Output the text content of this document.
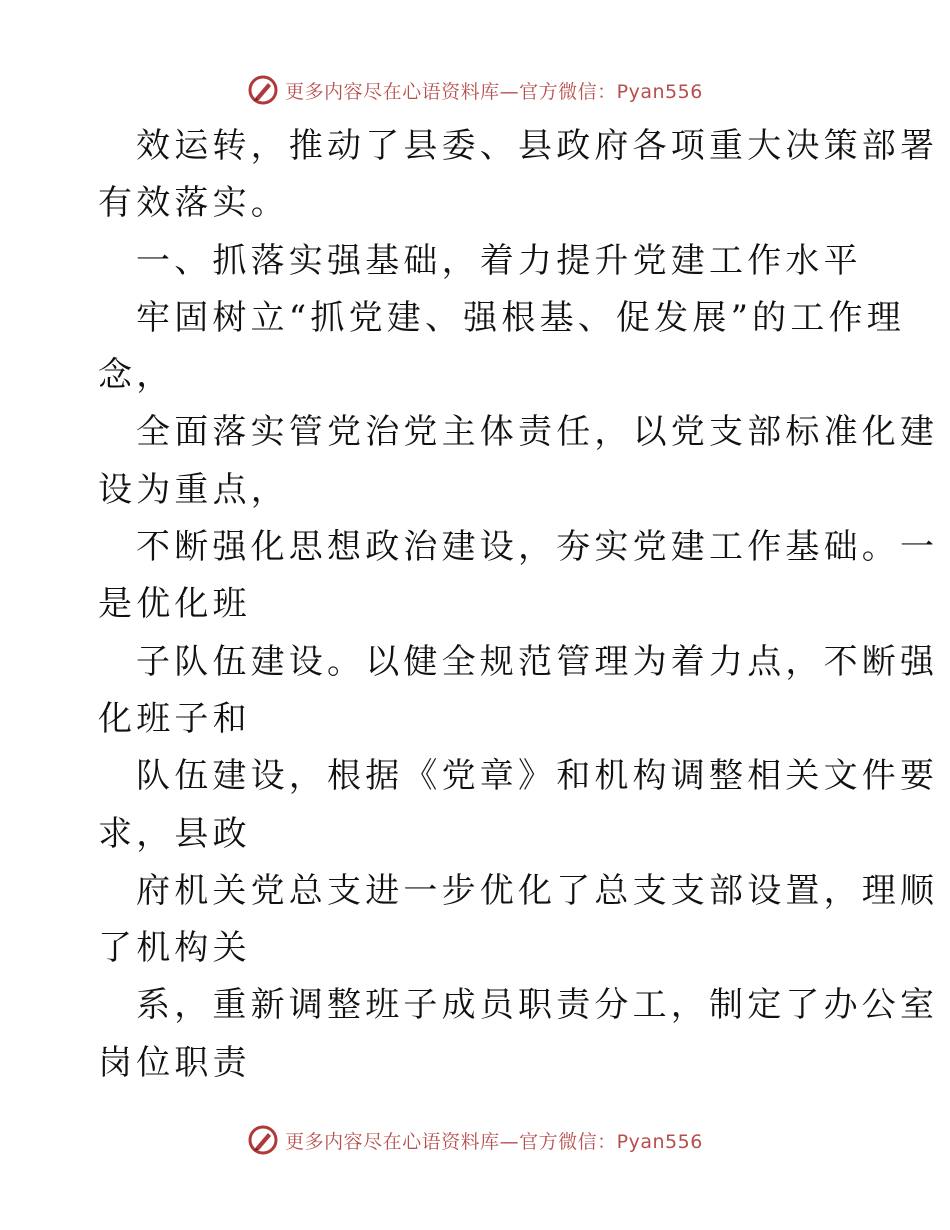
更多内容尽在心语资料库—官方微信：Pyan556
效运转，推动了县委、县政府各项重大决策部署
有效落实。
一、抓落实强基础，着力提升党建工作水平
牢固树立“抓党建、强根基、促发展”的工作理
念，
全面落实管党治党主体责任，以党支部标准化建
设为重点，
不断强化思想政治建设，夯实党建工作基础。一
是优化班
子队伍建设。以健全规范管理为着力点，不断强
化班子和
队伍建设，根据《党章》和机构调整相关文件要
求，县政
府机关党总支进一步优化了总支支部设置，理顺
了机构关
系，重新调整班子成员职责分工，制定了办公室
岗位职责
更多内容尽在心语资料库—官方微信：Pyan556
